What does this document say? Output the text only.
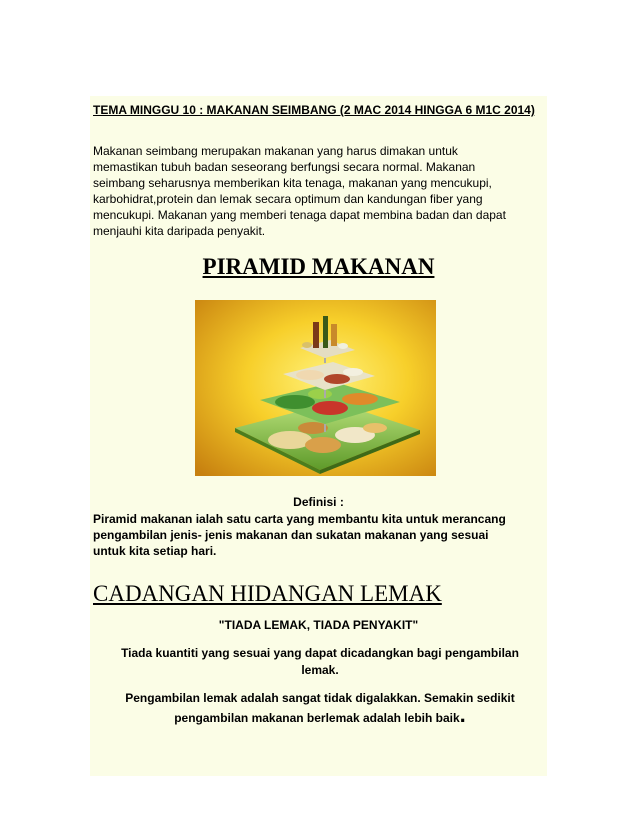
TEMA MINGGU 10 : MAKANAN SEIMBANG (2 MAC 2014 HINGGA 6 M1C 2014)
Makanan seimbang merupakan makanan yang harus dimakan untuk
memastikan tubuh badan seseorang berfungsi secara normal. Makanan
seimbang seharusnya memberikan kita tenaga, makanan yang mencukupi,
karbohidrat,protein dan lemak secara optimum dan kandungan fiber yang
mencukupi. Makanan yang memberi tenaga dapat membina badan dan dapat
menjauhi kita daripada penyakit.
PIRAMID MAKANAN
Definisi :
Piramid makanan ialah satu carta yang membantu kita untuk merancang
pengambilan jenis- jenis makanan dan sukatan makanan yang sesuai
untuk kita setiap hari.
CADANGAN HIDANGAN LEMAK
"TIADA LEMAK, TIADA PENYAKIT"
Tiada kuantiti yang sesuai yang dapat dicadangkan bagi pengambilan
lemak.
Pengambilan lemak adalah sangat tidak digalakkan. Semakin sedikit
pengambilan makanan berlemak adalah lebih baik.
